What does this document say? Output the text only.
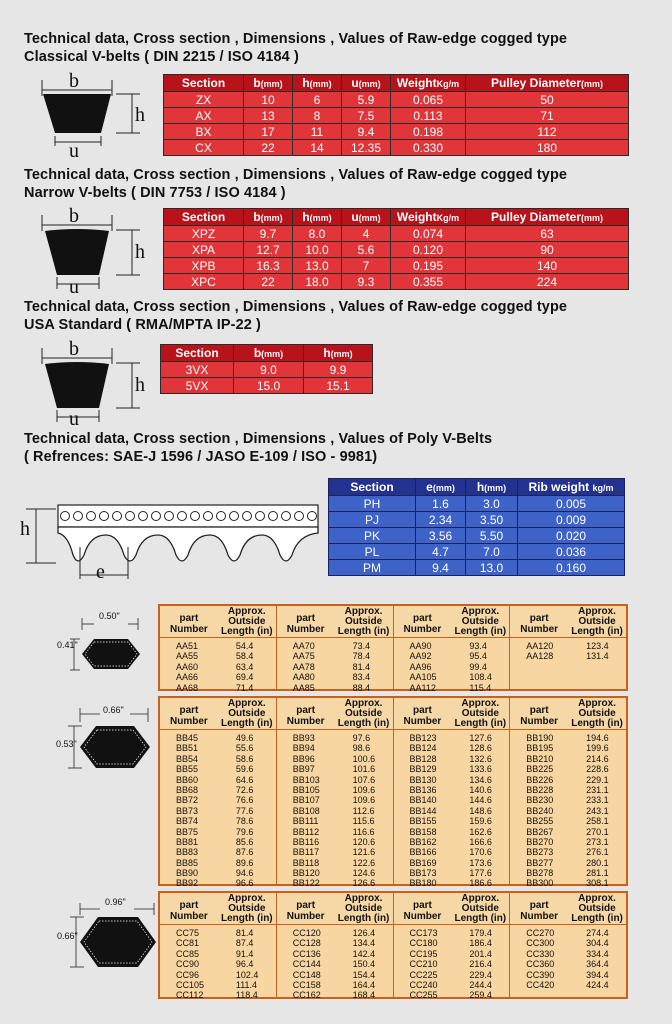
Technical data, Cross section , Dimensions , Values of Raw-edge cogged type
Classical V-belts ( DIN 2215 / ISO 4184 )
b
h
u
Section	b(mm)	h(mm)	u(mm)	WeightKg/m	Pulley Diameter(mm)
ZX	10	6	5.9	0.065	50
AX	13	8	7.5	0.113	71
BX	17	11	9.4	0.198	112
CX	22	14	12.35	0.330	180
Technical data, Cross section , Dimensions , Values of Raw-edge cogged type
Narrow V-belts ( DIN 7753 / ISO 4184 )
b
h
u
Section	b(mm)	h(mm)	u(mm)	WeightKg/m	Pulley Diameter(mm)
XPZ	9.7	8.0	4	0.074	63
XPA	12.7	10.0	5.6	0.120	90
XPB	16.3	13.0	7	0.195	140
XPC	22	18.0	9.3	0.355	224
Technical data, Cross section , Dimensions , Values of Raw-edge cogged type
USA Standard ( RMA/MPTA IP-22 )
b
h
u
Section	b(mm)	h(mm)
3VX	9.0	9.9
5VX	15.0	15.1
Technical data, Cross section , Dimensions , Values of Poly V-Belts
( Refrences: SAE-J 1596 / JASO E-109 / ISO - 9981)
h
e
Section	e(mm)	h(mm)	Rib weight kg/m
PH	1.6	3.0	0.005
PJ	2.34	3.50	0.009
PK	3.56	5.50	0.020
PL	4.7	7.0	0.036
PM	9.4	13.0	0.160
0.50"
0.41"
part
Number
Approx.
Outside
Length (in)
AA51	54.4
AA55	58.4
AA60	63.4
AA66	69.4
AA68	71.4
part
Number
Approx.
Outside
Length (in)
AA70	73.4
AA75	78.4
AA78	81.4
AA80	83.4
AA85	88.4
part
Number
Approx.
Outside
Length (in)
AA90	93.4
AA92	95.4
AA96	99.4
AA105	108.4
AA112	115.4
part
Number
Approx.
Outside
Length (in)
AA120	123.4
AA128	131.4
0.66"
0.53"
part
Number
Approx.
Outside
Length (in)
BB45	49.6
BB51	55.6
BB54	58.6
BB55	59.6
BB60	64.6
BB68	72.6
BB72	76.6
BB73	77.6
BB74	78.6
BB75	79.6
BB81	85.6
BB83	87.6
BB85	89.6
BB90	94.6
BB92	96.6
part
Number
Approx.
Outside
Length (in)
BB93	97.6
BB94	98.6
BB96	100.6
BB97	101.6
BB103	107.6
BB105	109.6
BB107	109.6
BB108	112.6
BB111	115.6
BB112	116.6
BB116	120.6
BB117	121.6
BB118	122.6
BB120	124.6
BB122	126.6
part
Number
Approx.
Outside
Length (in)
BB123	127.6
BB124	128.6
BB128	132.6
BB129	133.6
BB130	134.6
BB136	140.6
BB140	144.6
BB144	148.6
BB155	159.6
BB158	162.6
BB162	166.6
BB166	170.6
BB169	173.6
BB173	177.6
BB180	186.6
part
Number
Approx.
Outside
Length (in)
BB190	194.6
BB195	199.6
BB210	214.6
BB225	228.6
BB226	229.1
BB228	231.1
BB230	233.1
BB240	243.1
BB255	258.1
BB267	270.1
BB270	273.1
BB273	276.1
BB277	280.1
BB278	281.1
BB300	308.1
0.96"
0.66"
part
Number
Approx.
Outside
Length (in)
CC75	81.4
CC81	87.4
CC85	91.4
CC90	96.4
CC96	102.4
CC105	111.4
CC112	118.4
part
Number
Approx.
Outside
Length (in)
CC120	126.4
CC128	134.4
CC136	142.4
CC144	150.4
CC148	154.4
CC158	164.4
CC162	168.4
part
Number
Approx.
Outside
Length (in)
CC173	179.4
CC180	186.4
CC195	201.4
CC210	216.4
CC225	229.4
CC240	244.4
CC255	259.4
part
Number
Approx.
Outside
Length (in)
CC270	274.4
CC300	304.4
CC330	334.4
CC360	364.4
CC390	394.4
CC420	424.4
